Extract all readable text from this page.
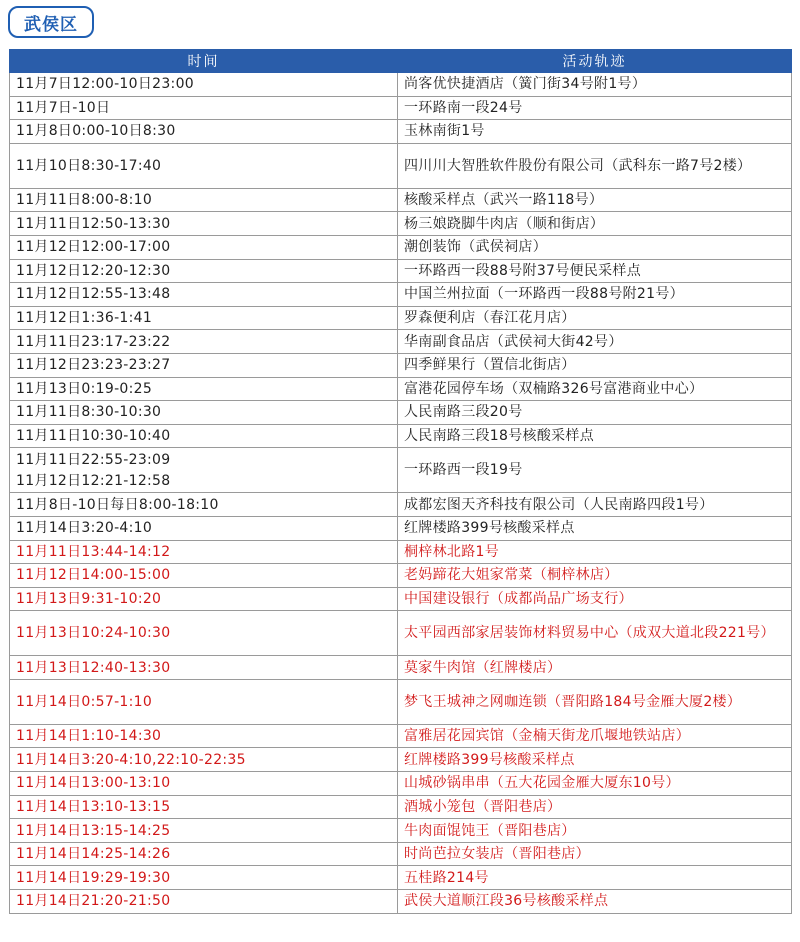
武侯区
时间	活动轨迹
11月7日12:00-10日23:00	尚客优快捷酒店（簧门街34号附1号）
11月7日-10日	一环路南一段24号
11月8日0:00-10日8:30	玉林南街1号
11月10日8:30-17:40	四川川大智胜软件股份有限公司（武科东一路7号2楼）
11月11日8:00-8:10	核酸采样点（武兴一路118号）
11月11日12:50-13:30	杨三娘跷脚牛肉店（顺和街店）
11月12日12:00-17:00	潮创装饰（武侯祠店）
11月12日12:20-12:30	一环路西一段88号附37号便民采样点
11月12日12:55-13:48	中国兰州拉面（一环路西一段88号附21号）
11月12日1:36-1:41	罗森便利店（春江花月店）
11月11日23:17-23:22	华南副食品店（武侯祠大街42号）
11月12日23:23-23:27	四季鲜果行（置信北街店）
11月13日0:19-0:25	富港花园停车场（双楠路326号富港商业中心）
11月11日8:30-10:30	人民南路三段20号
11月11日10:30-10:40	人民南路三段18号核酸采样点
11月11日22:55-23:09
11月12日12:21-12:58	一环路西一段19号
11月8日-10日每日8:00-18:10	成都宏图天齐科技有限公司（人民南路四段1号）
11月14日3:20-4:10	红牌楼路399号核酸采样点
11月11日13:44-14:12	桐梓林北路1号
11月12日14:00-15:00	老妈蹄花大姐家常菜（桐梓林店）
11月13日9:31-10:20	中国建设银行（成都尚品广场支行）
11月13日10:24-10:30	太平园西部家居装饰材料贸易中心（成双大道北段221号）
11月13日12:40-13:30	莫家牛肉馆（红牌楼店）
11月14日0:57-1:10	梦飞王城神之网咖连锁（晋阳路184号金雁大厦2楼）
11月14日1:10-14:30	富雅居花园宾馆（金楠天街龙爪堰地铁站店）
11月14日3:20-4:10,22:10-22:35	红牌楼路399号核酸采样点
11月14日13:00-13:10	山城砂锅串串（五大花园金雁大厦东10号）
11月14日13:10-13:15	酒城小笼包（晋阳巷店）
11月14日13:15-14:25	牛肉面馄饨王（晋阳巷店）
11月14日14:25-14:26	时尚芭拉女装店（晋阳巷店）
11月14日19:29-19:30	五桂路214号
11月14日21:20-21:50	武侯大道顺江段36号核酸采样点
